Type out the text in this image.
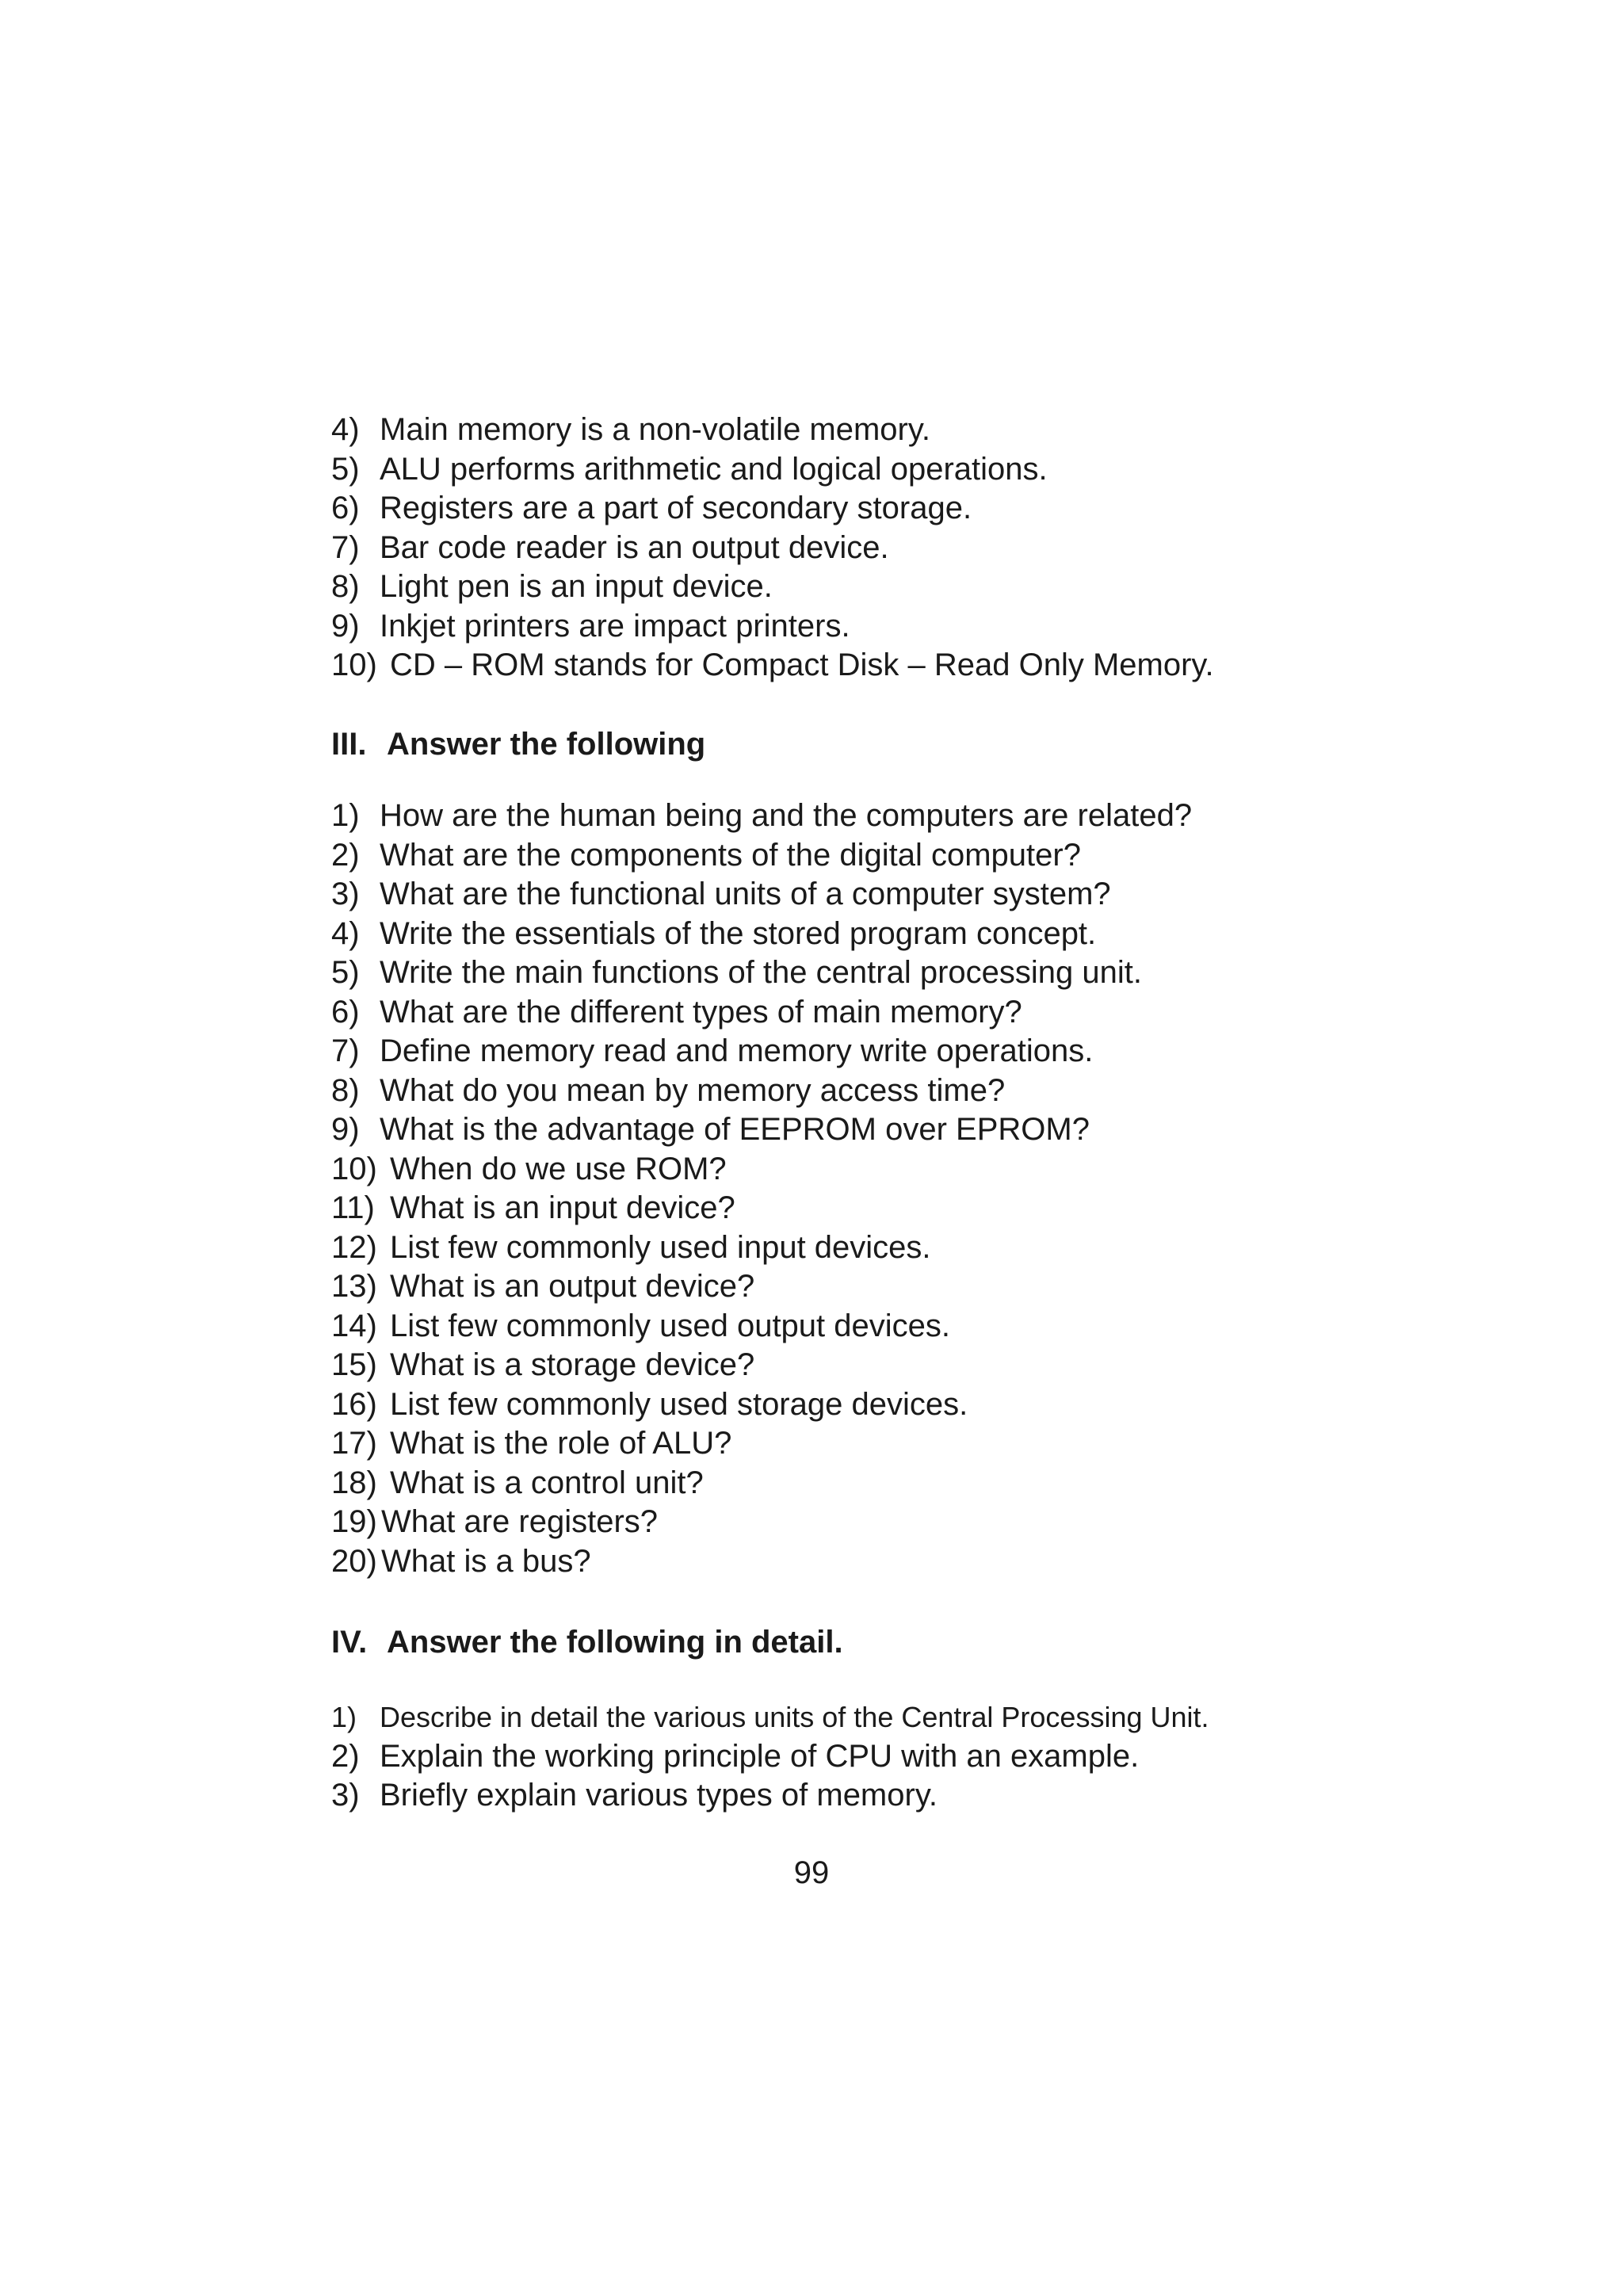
4) Main memory is a non-volatile memory.
5) ALU performs arithmetic and logical operations.
6) Registers are a part of secondary storage.
7) Bar code reader is an output device.
8) Light pen is an input device.
9) Inkjet printers are impact printers.
10) CD – ROM stands for Compact Disk – Read Only Memory.
III. Answer the following
1) How are the human being and the computers are related?
2) What are the components of the digital computer?
3) What are the functional units of a computer system?
4) Write the essentials of the stored program concept.
5) Write the main functions of the central processing unit.
6) What are the different types of main memory?
7) Define memory read and memory write operations.
8) What do you mean by memory access time?
9) What is the advantage of EEPROM over EPROM?
10) When do we use ROM?
11) What is an input device?
12) List few commonly used input devices.
13) What is an output device?
14) List few commonly used output devices.
15) What is a storage device?
16) List few commonly used storage devices.
17) What is the role of ALU?
18) What is a control unit?
19) What are registers?
20) What is a bus?
IV. Answer the following in detail.
1) Describe in detail the various units of the Central Processing Unit.
2) Explain the working principle of CPU with an example.
3) Briefly explain various types of memory.
99
